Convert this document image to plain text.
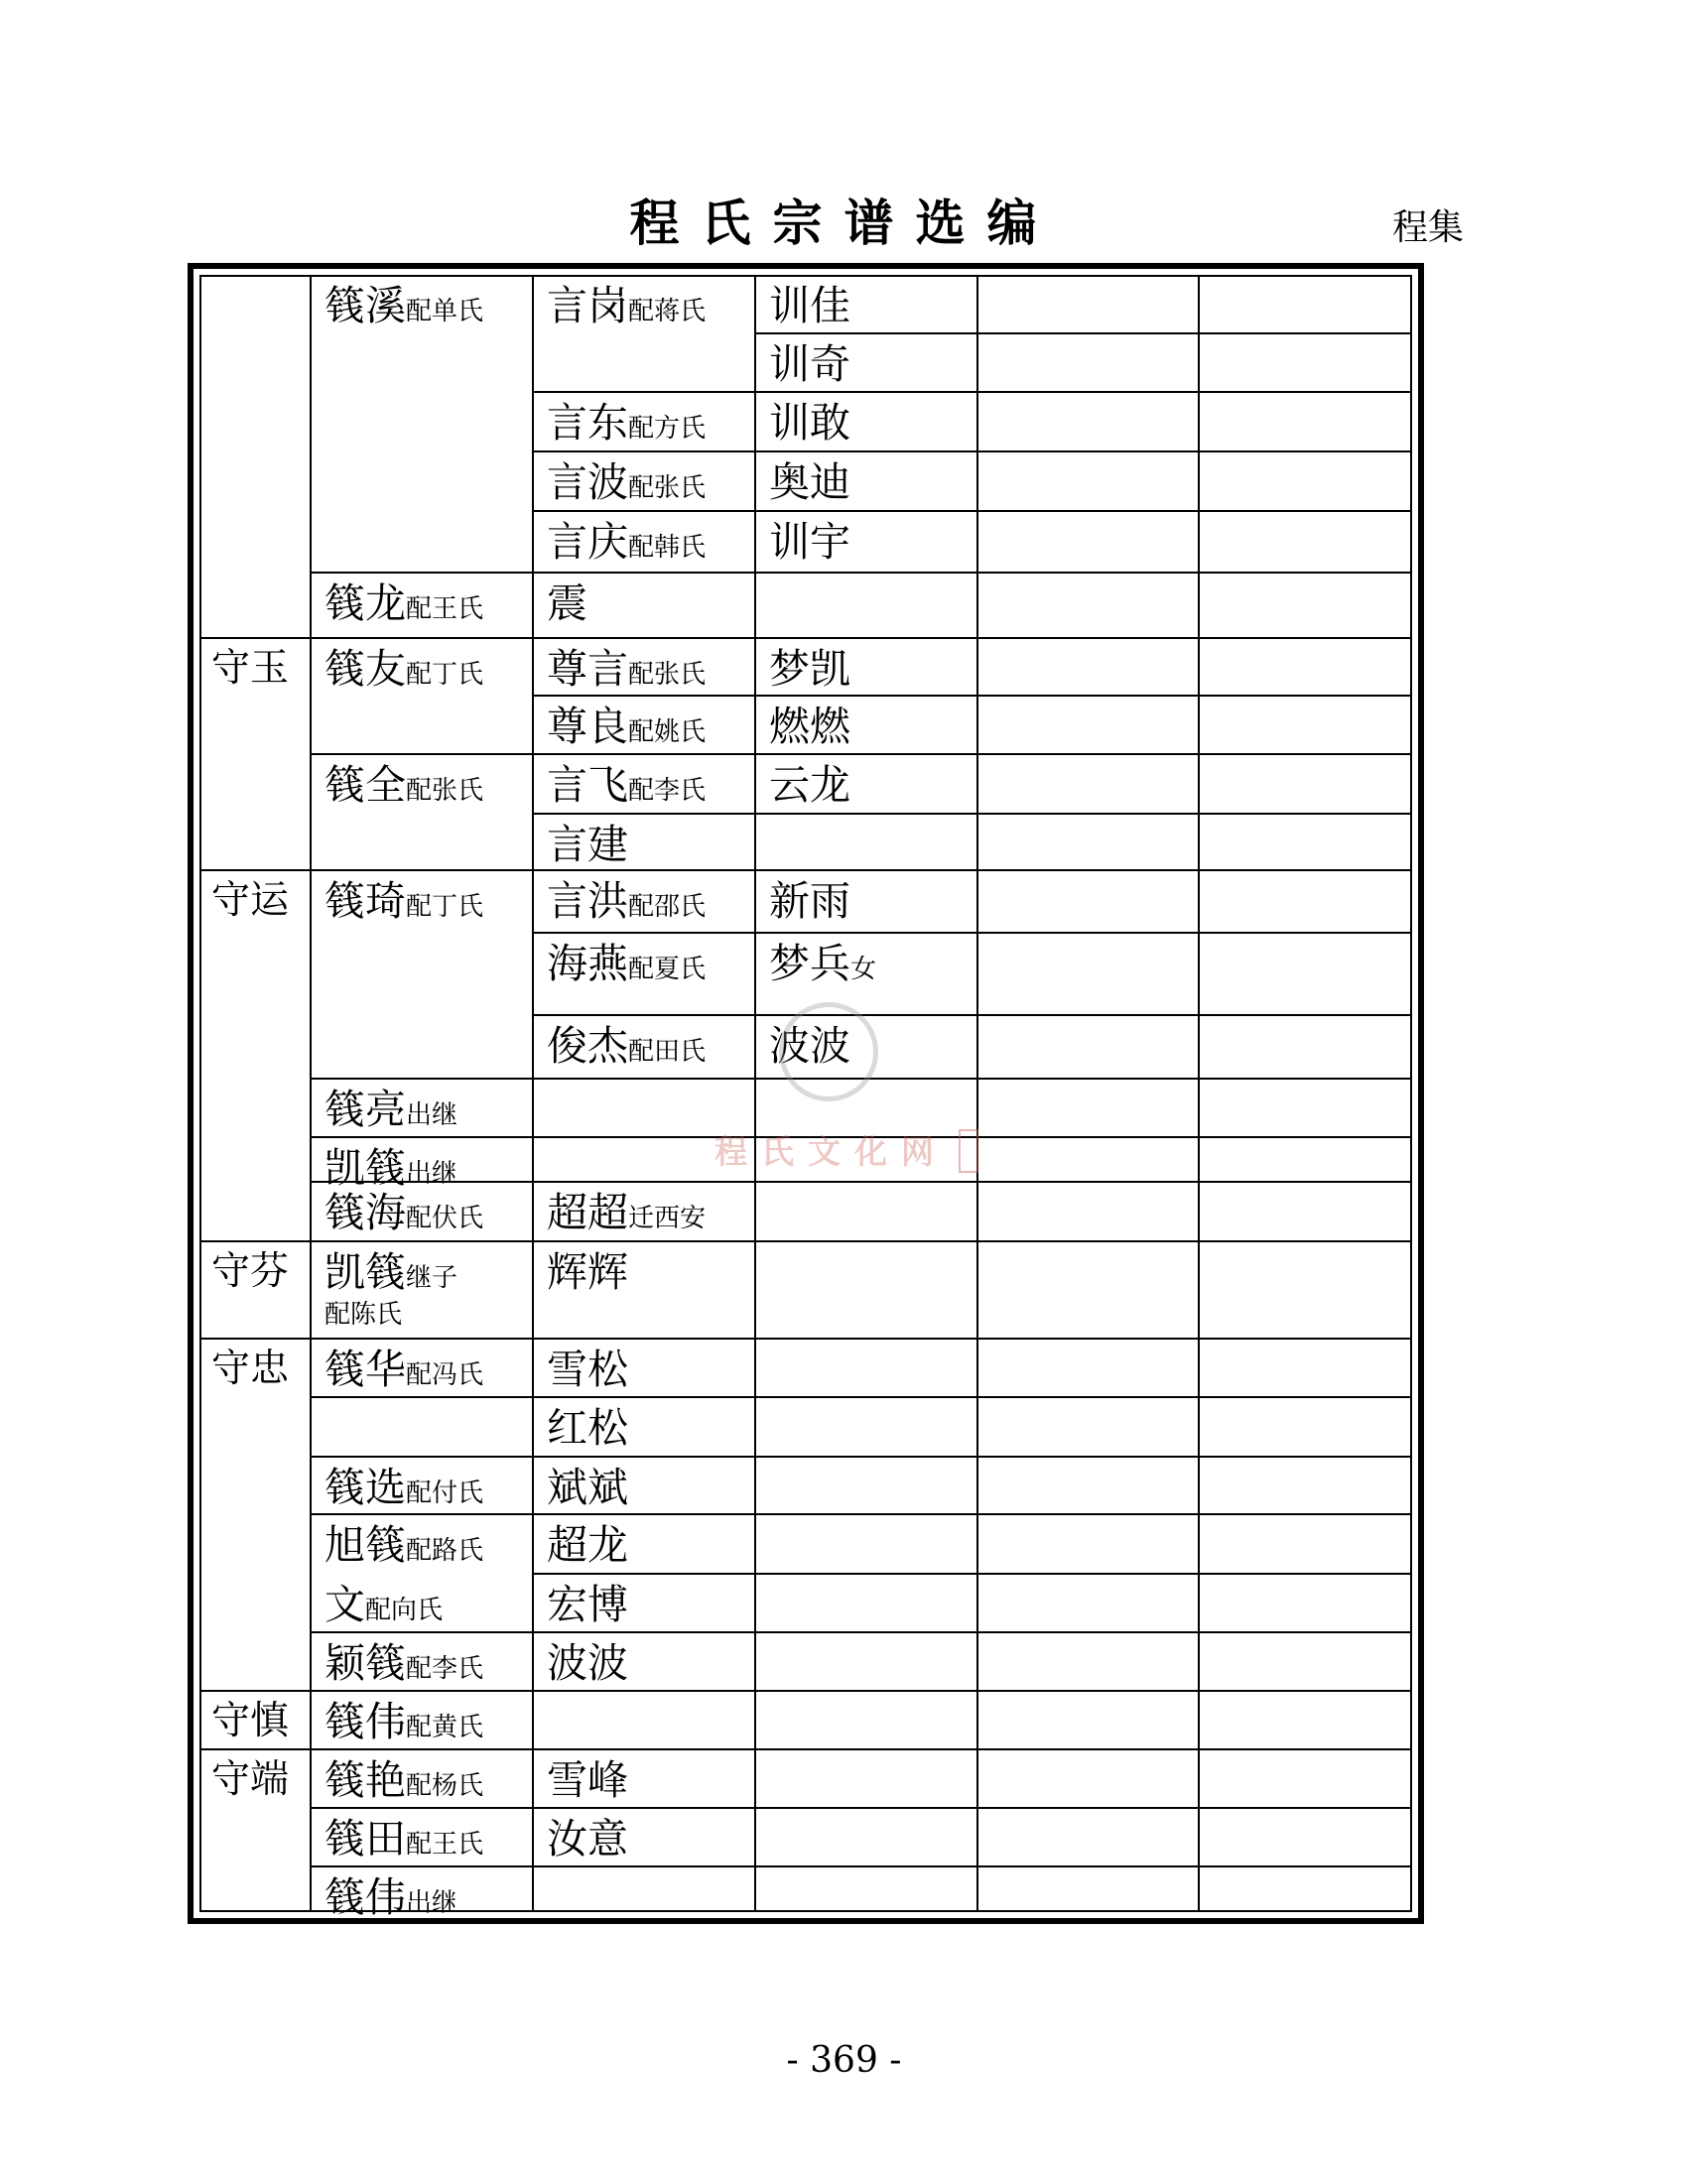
程氏宗谱选编	程集
守玉
守运
守芬
守忠
守慎
守端
篯溪配单氏
篯龙配王氏
篯友配丁氏
篯全配张氏
篯琦配丁氏
篯亮出继
凯篯出继
篯海配伏氏
凯篯继子
配陈氏
篯华配冯氏
篯选配付氏
旭篯配路氏
文配向氏
颖篯配李氏
篯伟配黄氏
篯艳配杨氏
篯田配王氏
篯伟出继
言岗配蒋氏
言东配方氏
言波配张氏
言庆配韩氏
震
尊言配张氏
尊良配姚氏
言飞配李氏
言建
言洪配邵氏
海燕配夏氏
俊杰配田氏
超超迁西安
辉辉
雪松
红松
斌斌
超龙
宏博
波波
雪峰
汝意
训佳
训奇
训敢
奥迪
训宇
梦凯
燃燃
云龙
新雨
梦兵女
波波
程氏文化网
- 369 -
